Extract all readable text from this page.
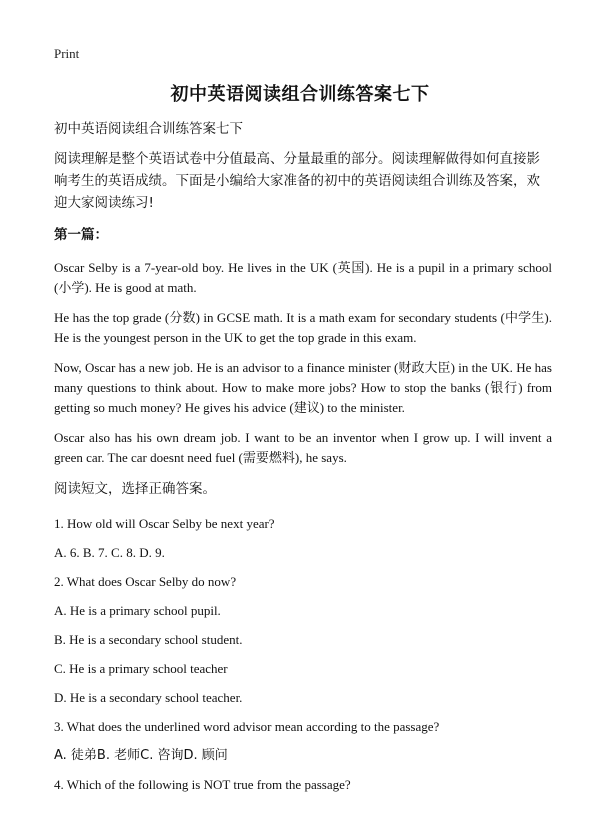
Print
初中英语阅读组合训练答案七下

初中英语阅读组合训练答案七下

阅读理解是整个英语试卷中分值最高、分量最重的部分。阅读理解做得如何直接影响考生的英语成绩。下面是小编给大家准备的初中的英语阅读组合训练及答案，欢迎大家阅读练习!

第一篇：

Oscar Selby is a 7-year-old boy. He lives in the UK (英国). He is a pupil in a primary school (小学). He is good at math.

He has the top grade (分数) in GCSE math. It is a math exam for secondary students (中学生). He is the youngest person in the UK to get the top grade in this exam.

Now, Oscar has a new job. He is an advisor to a finance minister (财政大臣) in the UK. He has many questions to think about. How to make more jobs? How to stop the banks (银行) from getting so much money? He gives his advice (建议) to the minister.

Oscar also has his own dream job. I want to be an inventor when I grow up. I will invent a green car. The car doesnt need fuel (需要燃料), he says.

阅读短文，选择正确答案。

1. How old will Oscar Selby be next year?

A. 6. B. 7. C. 8. D. 9.

2. What does Oscar Selby do now?

A. He is a primary school pupil.

B. He is a secondary school student.

C. He is a primary school teacher

D. He is a secondary school teacher.

3. What does the underlined word advisor mean according to the passage?

A. 徒弟B. 老师C. 咨询D. 顾问

4. Which of the following is NOT true from the passage?
